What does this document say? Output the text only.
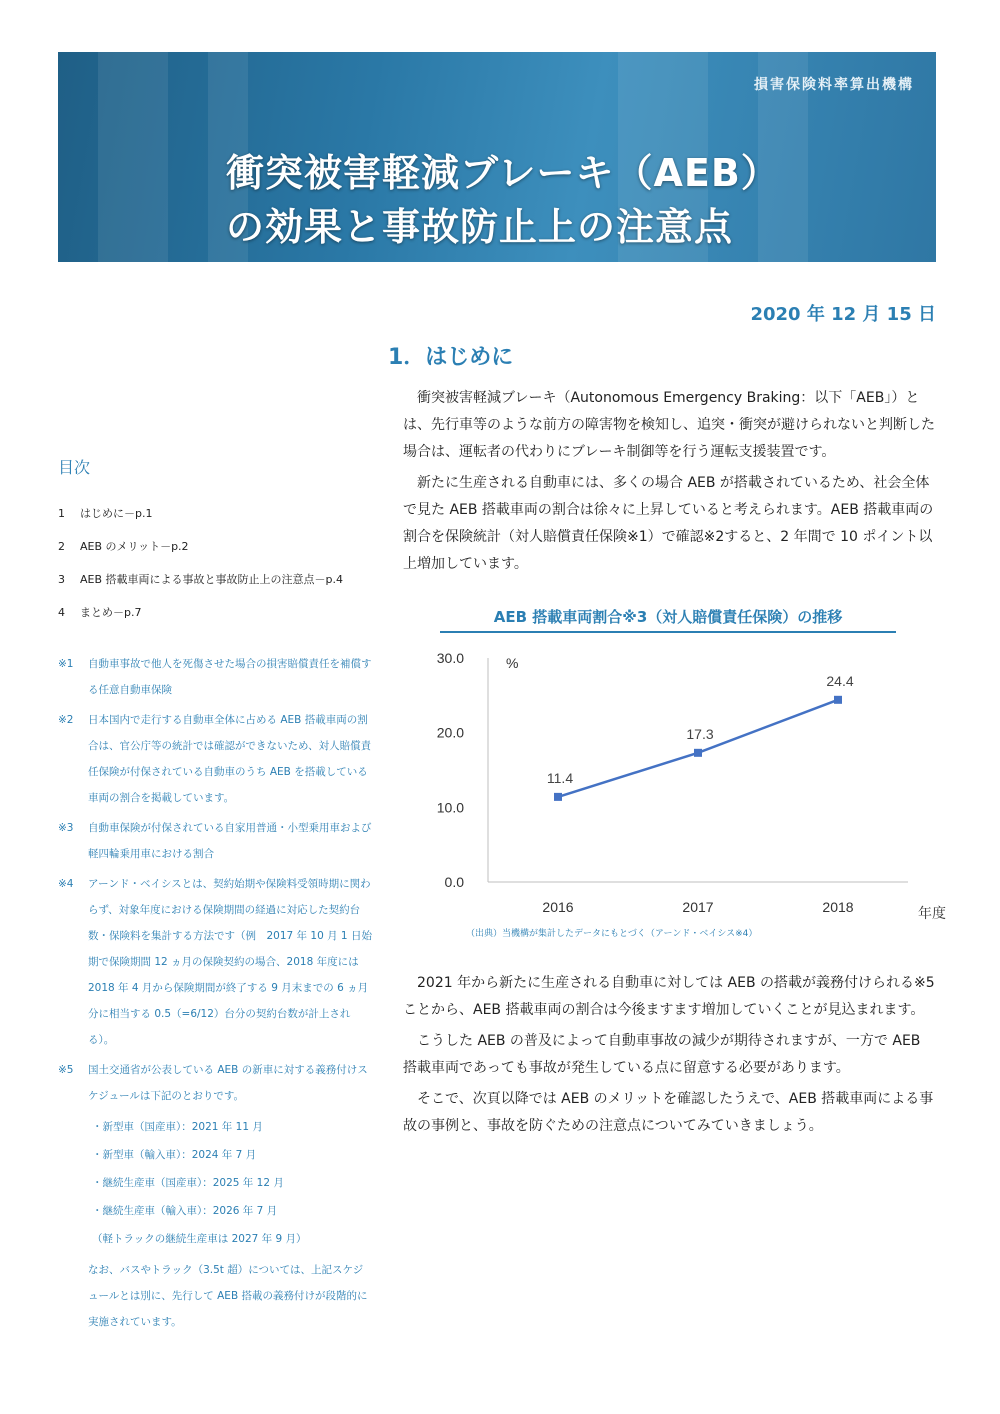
損害保険料率算出機構
衝突被害軽減ブレーキ（AEB）
の効果と事故防止上の注意点
2020 年 12 月 15 日
目次
1 はじめに－p.1
2 AEB のメリット－p.2
3 AEB 搭載車両による事故と事故防止上の注意点－p.4
4 まとめ－p.7
※1	自動車事故で他人を死傷させた場合の損害賠償責任を補償する任意自動車保険
※2	日本国内で走行する自動車全体に占める AEB 搭載車両の割合は、官公庁等の統計では確認ができないため、対人賠償責任保険が付保されている自動車のうち AEB を搭載している車両の割合を掲載しています。
※3	自動車保険が付保されている自家用普通・小型乗用車および軽四輪乗用車における割合
※4	アーンド・ベイシスとは、契約始期や保険料受領時期に関わらず、対象年度における保険期間の経過に対応した契約台数・保険料を集計する方法です（例　2017 年 10 月 1 日始期で保険期間 12 ヵ月の保険契約の場合、2018 年度には 2018 年 4 月から保険期間が終了する 9 月末までの 6 ヵ月分に相当する 0.5（=6/12）台分の契約台数が計上される）。
※5	国土交通省が公表している AEB の新車に対する義務付けスケジュールは下記のとおりです。
・新型車（国産車）：2021 年 11 月
・新型車（輸入車）：2024 年 7 月
・継続生産車（国産車）：2025 年 12 月
・継続生産車（輸入車）：2026 年 7 月
（軽トラックの継続生産車は 2027 年 9 月）
なお、バスやトラック（3.5t 超）については、上記スケジュールとは別に、先行して AEB 搭載の義務付けが段階的に実施されています。
1．はじめに

衝突被害軽減ブレーキ（Autonomous Emergency Braking：以下「AEB」）とは、先行車等のような前方の障害物を検知し、追突・衝突が避けられないと判断した場合は、運転者の代わりにブレーキ制御等を行う運転支援装置です。

新たに生産される自動車には、多くの場合 AEB が搭載されているため、社会全体で見た AEB 搭載車両の割合は徐々に上昇していると考えられます。AEB 搭載車両の割合を保険統計（対人賠償責任保険※1）で確認※2すると、2 年間で 10 ポイント以上増加しています。

AEB 搭載車両割合※3（対人賠償責任保険）の推移
0.0
10.0
20.0
30.0	%
2016	2017	2018	年度
11.4
17.3
24.4
（出典）当機構が集計したデータにもとづく（アーンド・ベイシス※4）

2021 年から新たに生産される自動車に対しては AEB の搭載が義務付けられる※5ことから、AEB 搭載車両の割合は今後ますます増加していくことが見込まれます。

こうした AEB の普及によって自動車事故の減少が期待されますが、一方で AEB 搭載車両であっても事故が発生している点に留意する必要があります。

そこで、次頁以降では AEB のメリットを確認したうえで、AEB 搭載車両による事故の事例と、事故を防ぐための注意点についてみていきましょう。
